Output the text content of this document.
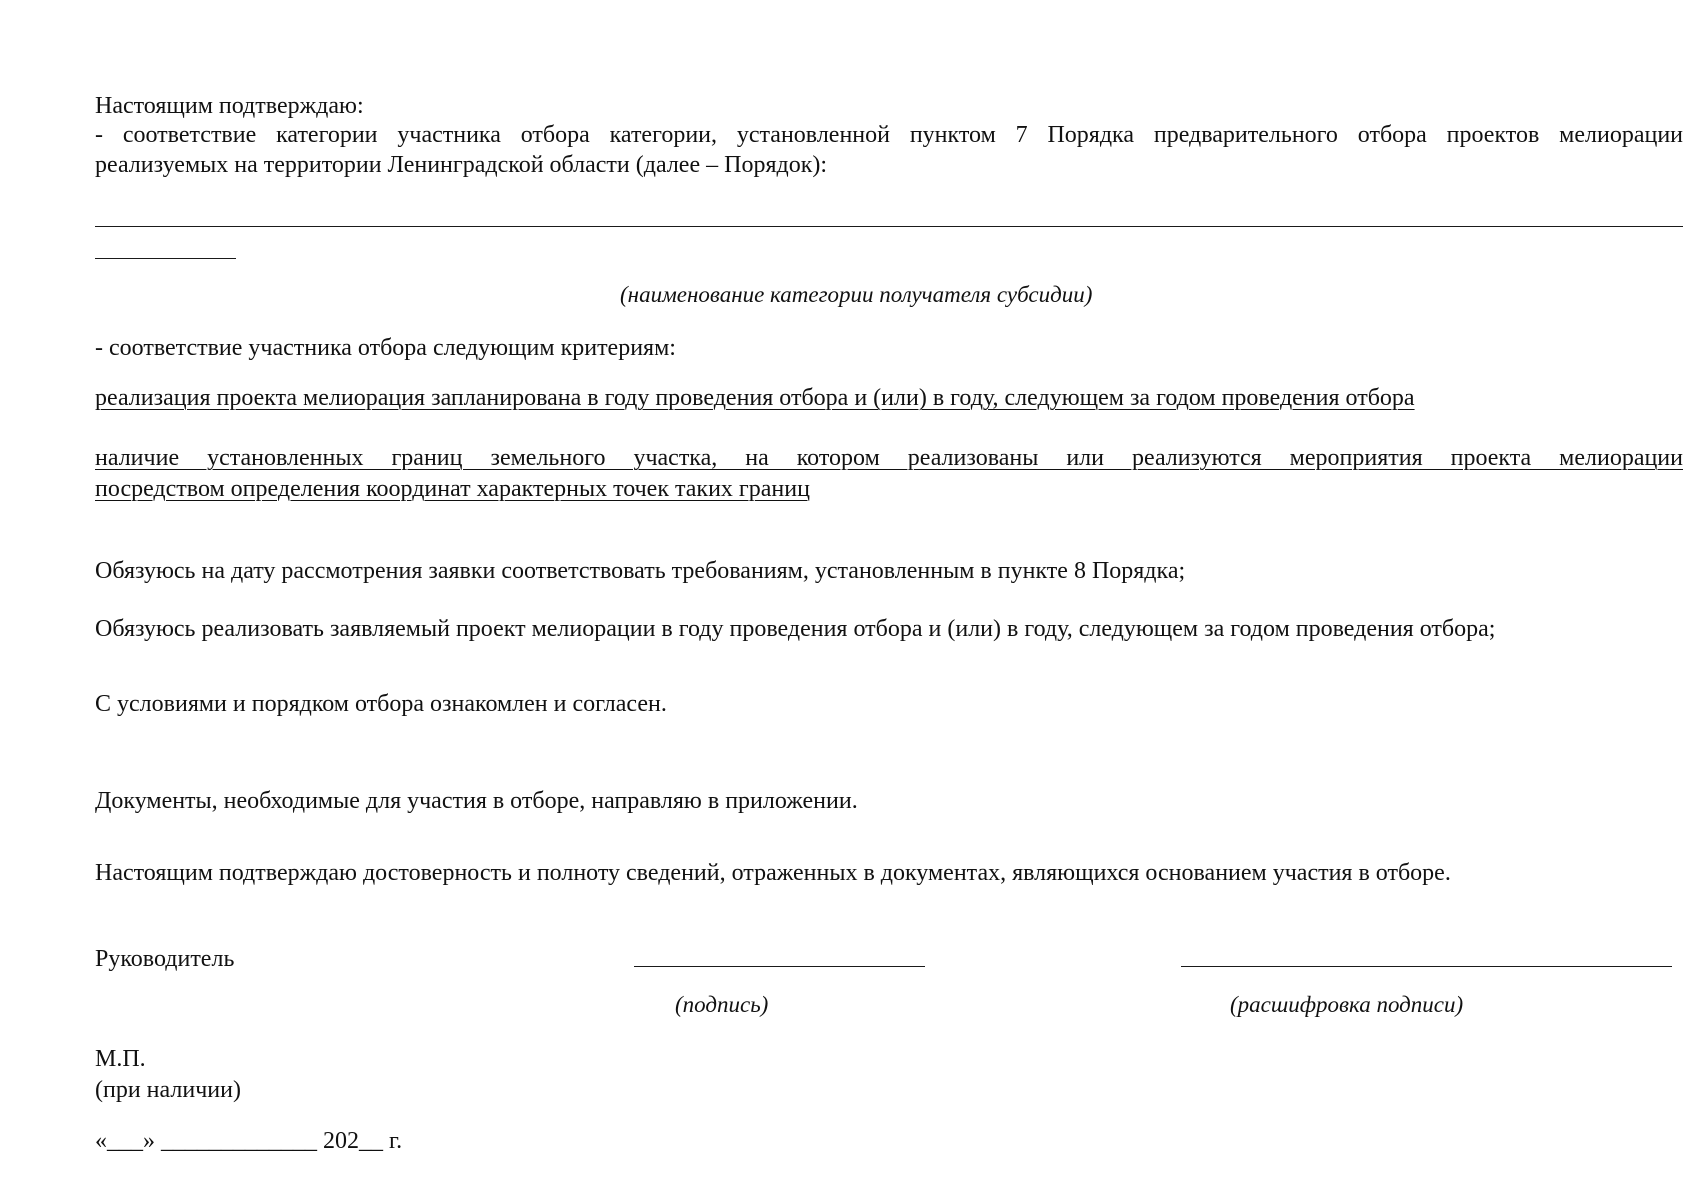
Настоящим подтверждаю:
- соответствие категории участника отбора категории, установленной пунктом 7 Порядка предварительного отбора проектов мелиорации
реализуемых на территории Ленинградской области (далее – Порядок):
(наименование категории получателя субсидии)
- соответствие участника отбора следующим критериям:
реализация проекта мелиорация запланирована в году проведения отбора и (или) в году, следующем за годом проведения отбора
наличие установленных границ земельного участка, на котором реализованы или реализуются мероприятия проекта мелиорации
посредством определения координат характерных точек таких границ
Обязуюсь на дату рассмотрения заявки соответствовать требованиям, установленным в пункте 8 Порядка;
Обязуюсь реализовать заявляемый проект мелиорации в году проведения отбора и (или) в году, следующем за годом проведения отбора;
С условиями и порядком отбора ознакомлен и согласен.
Документы, необходимые для участия в отборе, направляю в приложении.
Настоящим подтверждаю достоверность и полноту сведений, отраженных в документах, являющихся основанием участия в отборе.
Руководитель
(подпись)	(расшифровка подписи)
М.П.
(при наличии)
«___» _____________ 202__ г.
